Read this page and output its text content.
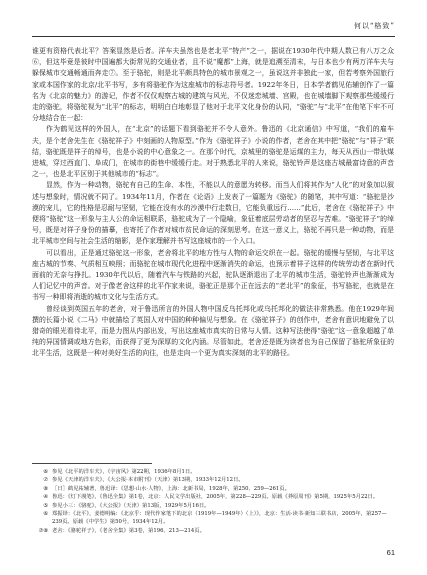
何以“格致”

谁更有资格代表北平？答案显然是后者。洋车夫虽然也是老北平“特产”之一，据说在1930年代中期人数已有八万之众⑥，但这毕竟是彼时中国遍都大街常见的交通业者，且不说“魔都”上海，就是追溯至清末，与日本也少有两万洋车夫与躲保城市交通畅通而奔走⑦。至于骆驼，则是北平颇具特色的城市景观之一，虽说这并非独此一家，但若考察外国旅行家或本国作家的北京/北平书写，多有将骆驼作为这座城市的标志符号者。1922年冬日，日本学者鹤见佑辅创作了一篇名为《北京的魅力》的游记，作者不仅仅观察古城的建筑与风光，不仅迷恋城墙、宫殿，也在城墙脚下观察那些缓缓行走的骆驼，将骆驼视为“北平”的标志，明明白白地彰显了他对于北平文化身份的认同，“骆驼”与“北平”在他笔下牢不可分地结合在一起：

作为鹤见这样的外国人，在“北京”的话题下看到骆驼并不令人意外。鲁迅的《北京通信》中写道，“我们的雇车夫，是个老舍先生在《骆驼祥子》中刻画的人物原型。”作为《骆驼祥子》小说的作者，老舍在其中把“骆驼”与“祥子”联结，骆驼既是祥子的绰号，也是小说的中心意象之一。在那个时代，京城里的骆驼是运煤的主力，每天从西山一带驮煤进城，穿过西直门、阜成门，在城市的街巷中缓缓行走。对于熟悉北平的人来说，骆驼铃声是这座古城最富诗意的声音之一，也是北平区别于其他城市的“标志”。

显然，作为一种动物，骆驼有自己的生命、本性，不能以人的意愿为转移。而当人们将其作为“人化”的对象加以叙述与想象时，情况就不同了。1934年11月，作者在《论语》上发表了一篇题为《骆驼》的随笔，其中写道：“骆驼是沙漠的宠儿，它的性格是忍耐与坚韧，它能在没有水的沙漠中行走数日，它能负重远行……”此后，老舍在《骆驼祥子》中便将“骆驼”这一形象与主人公的命运相联系，骆驼成为了一个隐喻，象征着底层劳动者的坚忍与苦难。“骆驼祥子”的绰号，既是对祥子身份的描摹，也寄托了作者对城市贫民命运的深刻思考。在这一意义上，骆驼不再只是一种动物，而是北平城市空间与社会生活的缩影，是作家理解并书写这座城市的一个入口。

可以看出，正是通过骆驼这一形象，老舍将北平的地方性与人物的命运交织在一起。骆驼的缓慢与坚韧，与北平这座古城的节奏、气质相互映照；而骆驼在城市现代化进程中逐渐消失的命运，也预示着祥子这样的传统劳动者在新时代面前的无奈与挣扎。1930年代以后，随着汽车与铁路的兴起，驼队逐渐退出了北平的城市生活，骆驼铃声也渐渐成为人们记忆中的声音。对于像老舍这样的北平作家来说，骆驼正是那个正在远去的“老北平”的象征，书写骆驼，也就是在书写一种即将消逝的城市文化与生活方式。

曾经谈到英国五年的老舍，对于鲁迅所言的外国人物中国反乌托邦化或乌托邦化的做法非常熟悉。他在1929年间撰的长篇小说《二马》中就描绘了英国人对中国的种种偏见与想象。在《骆驼祥子》的创作中，老舍有意识地避免了以猎奇的眼光看待北平，而是力图从内部出发，写出这座城市真实的日常与人情。这种写法使得“骆驼”这一意象超越了单纯的异国情调或地方色彩，而获得了更为深厚的文化内涵。尽管如此，老舍还是既为读者也为自己保留了骆驼所象征的北平生活，这既是一种对美好生活的向往，也是走向一个更为真实深刻的北平的路径。

⑥ 参见《北平的洋车夫》，《宇宙风》第22期，1936年8月1日。
⑦ 参见《天津的洋车夫》，《大公报·本市附刊》（天津）第13期，1933年12月12日。
⑧ ［日］鹤见祐辅著，鲁迅译：《思想·山水·人物》，上海：北新书局，1928年，第250、259—261页。
④ 鲁迅：《灯下漫笔》，《鲁迅全集》第1卷，北京：人民文学出版社，2005年，第228—229页。原载《莽原周刊》第5期，1925年5月22日。
⑤ 参见小三：《骆驼》，《大公报》（天津）第13版，1929年5月16日。
⑥ 郑振铎：《北平》，姜德明编：《北京乎：现代作家笔下的北京（1919年—1949年）（上）》，北京：生活·读书·新知三联书店，2005年，第257—239页。原载《中学生》第50号，1934年12月。
⑦⑧ 老舍：《骆驼祥子》，《老舍全集》第3卷，第196、213—214页。
61
